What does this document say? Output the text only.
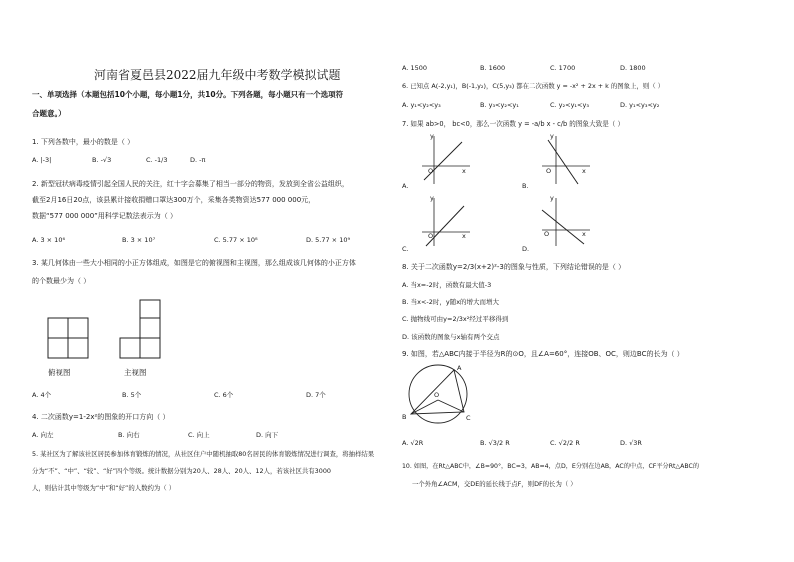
河南省夏邑县2022届九年级中考数学模拟试题
一、单项选择（本题包括10个小题，每小题1分，共10分。下列各题，每小题只有一个选项符
合题意。）
1. 下列各数中，最小的数是（ ）
A. |-3|	B. -√3	C. -1/3	D. -π
2. 新型冠状病毒疫情引起全国人民的关注，红十字会募集了相当一部分的物资，发放到全省公益组织，
截至2月16日20点，该县累计接收捐赠口罩达300万个，采集各类物资达577 000 000元，
数据“577 000 000”用科学记数法表示为（ ）
A. 3 × 10⁶	B. 3 × 10⁷	C. 5.77 × 10⁸	D. 5.77 × 10⁹
3. 某几何体由一些大小相同的小正方体组成，如图是它的俯视图和主视图，那么组成该几何体的小正方体
的个数最少为（ ）
俯视图	主视图
A. 4个	B. 5个	C. 6个	D. 7个
4. 二次函数y=1-2x²的图象的开口方向（ ）
A. 向左	B. 向右	C. 向上	D. 向下
5. 某社区为了解该社区居民参加体育锻炼的情况，从社区住户中随机抽取80名居民的体育锻炼情况进行调查，将抽样结果
分为“不”、“中”、“较”、“好”四个等级。统计数据分别为20人、28人、20人、12人，若该社区共有3000
人，则估计其中等级为“中”和“好”的人数约为（ ）
A. 1500	B. 1600	C. 1700	D. 1800
6. 已知点 A(-2,y₁)，B(-1,y₂)，C(5,y₃) 都在二次函数 y = -x² + 2x + k 的图象上，则（ ）
A. y₁<y₂<y₃	B. y₃<y₂<y₁	C. y₂<y₁<y₃	D. y₁<y₃<y₂
7. 如果 ab>0， bc<0，那么一次函数 y = -a/b x - c/b 的图象大致是（ ）
A.
y
x
O
B.
y
x
O
C.
y
x
O
D.
y
x
O
8. 关于二次函数y=2/3(x+2)²-3的图象与性质，下列结论错误的是（ ）
A. 当x=-2时，函数有最大值-3
B. 当x<-2时，y随x的增大而增大
C. 抛物线可由y=2/3x²经过平移得到
D. 该函数的图象与x轴有两个交点
9. 如图，若△ABC内接于半径为R的⊙O，且∠A=60°，连接OB、OC，则边BC的长为（ ）
A
B	C
O
A. √2R	B. √3/2 R	C. √2/2 R	D. √3R
10. 如图，在Rt△ABC中，∠B=90°，BC=3，AB=4，点D，E分别在边AB，AC的中点，CF平分Rt△ABC的
一个外角∠ACM，交DE的延长线于点F，则DF的长为（ ）
